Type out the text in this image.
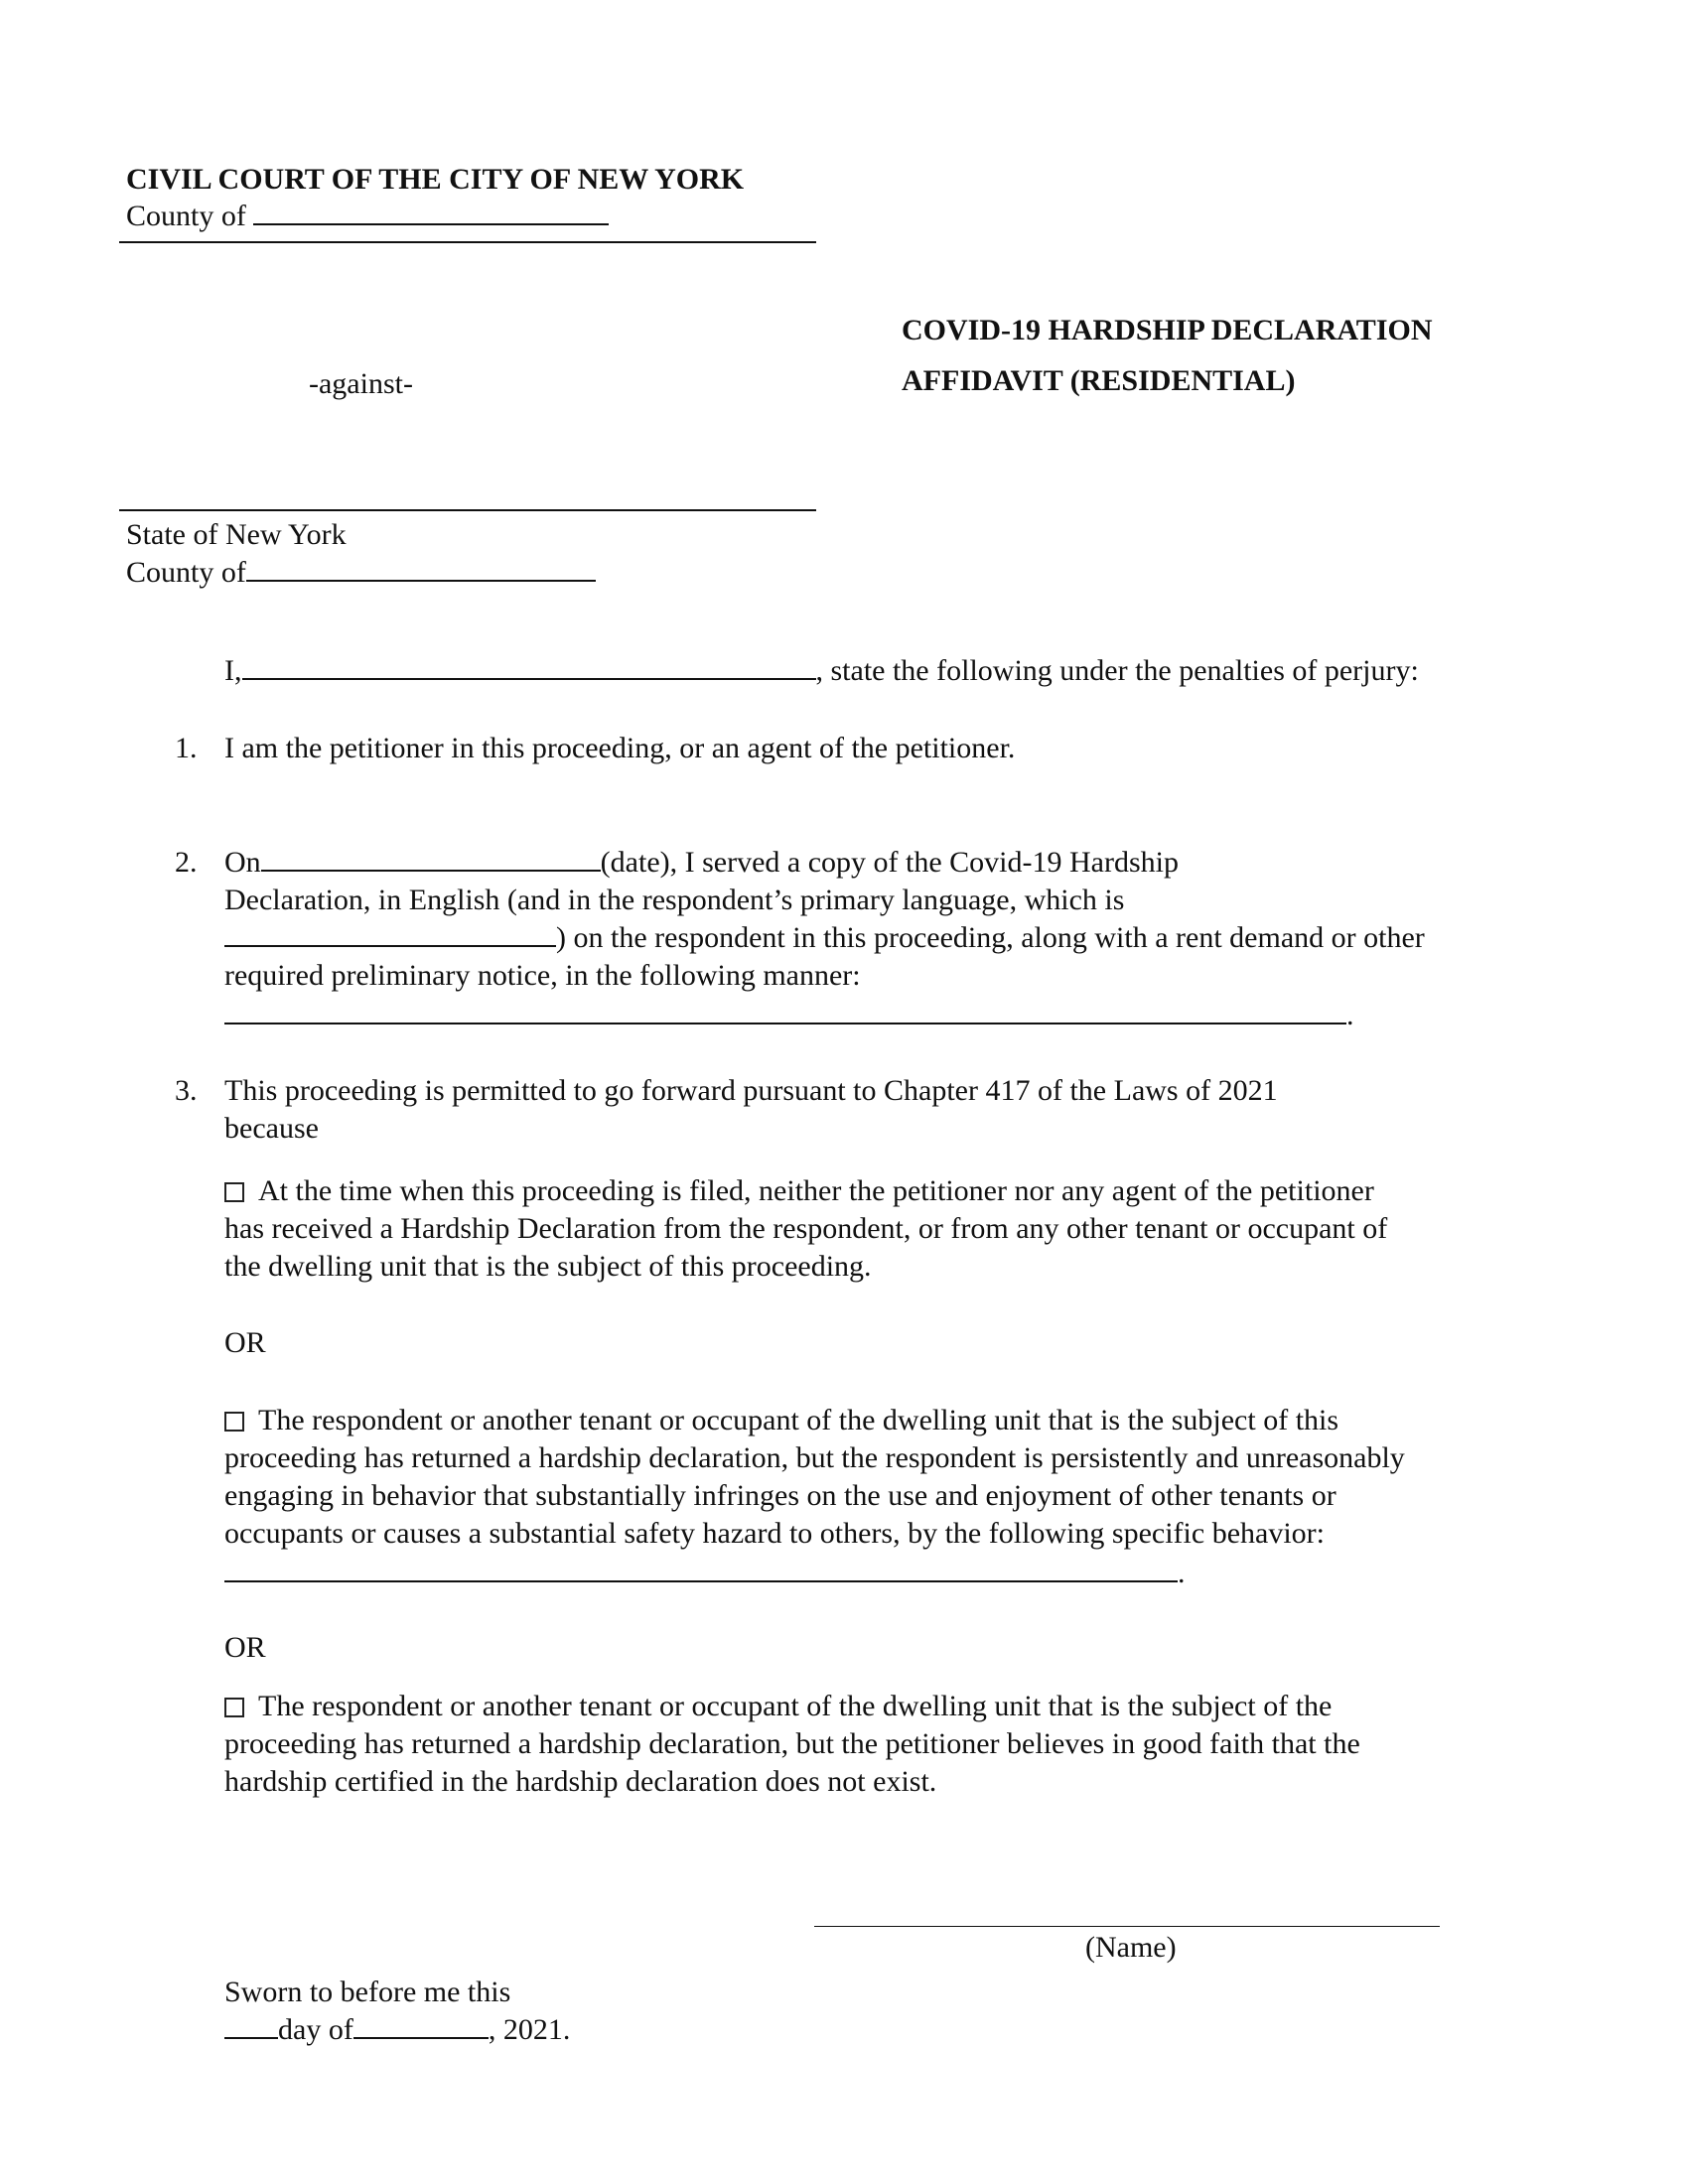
CIVIL COURT OF THE CITY OF NEW YORK
County of
COVID-19 HARDSHIP DECLARATION
AFFIDAVIT (RESIDENTIAL)
-against-
State of New York
County of
I,	, state the following under the penalties of perjury:
1. I am the petitioner in this proceeding, or an agent of the petitioner.
2. On	(date), I served a copy of the Covid-19 Hardship
Declaration, in English (and in the respondent’s primary language, which is
) on the respondent in this proceeding, along with a rent demand or other
required preliminary notice, in the following manner:
.
3. This proceeding is permitted to go forward pursuant to Chapter 417 of the Laws of 2021
because
At the time when this proceeding is filed, neither the petitioner nor any agent of the petitioner
has received a Hardship Declaration from the respondent, or from any other tenant or occupant of
the dwelling unit that is the subject of this proceeding.
OR
The respondent or another tenant or occupant of the dwelling unit that is the subject of this
proceeding has returned a hardship declaration, but the respondent is persistently and unreasonably
engaging in behavior that substantially infringes on the use and enjoyment of other tenants or
occupants or causes a substantial safety hazard to others, by the following specific behavior:
.
OR
The respondent or another tenant or occupant of the dwelling unit that is the subject of the
proceeding has returned a hardship declaration, but the petitioner believes in good faith that the
hardship certified in the hardship declaration does not exist.
(Name)
Sworn to before me this
day of	, 2021.
